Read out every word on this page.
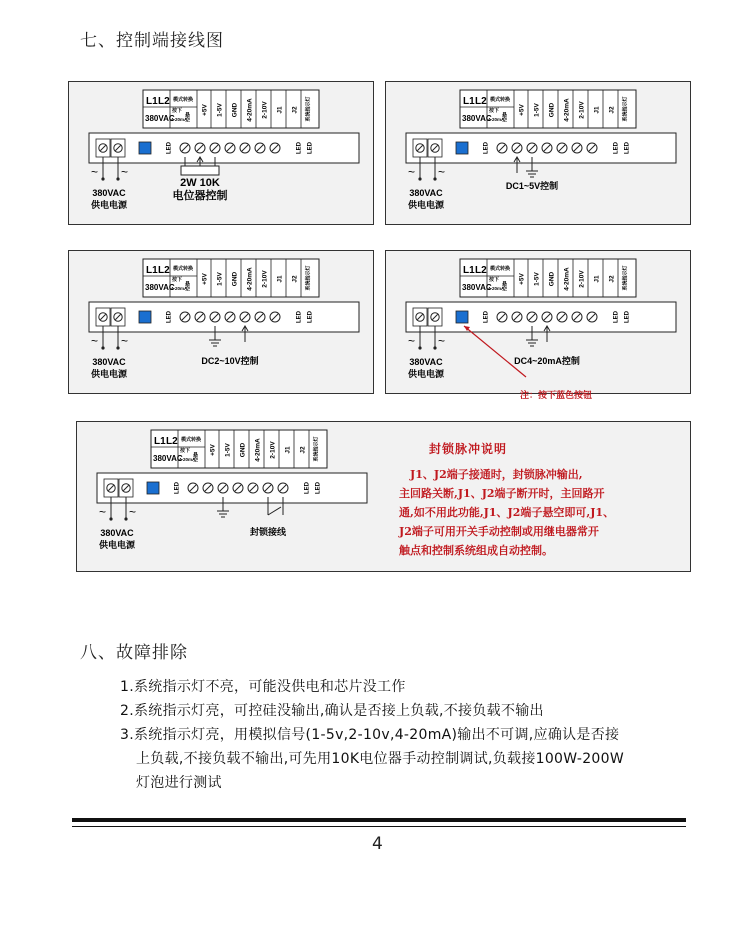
七、控制端接线图
L1 L2
380VAC
模式转换
按下
4-20mA
悬空
+5V 1-5V GND 4-20mA 2-10V J1 J2 系统指示灯
LED	LED LED
~ ~
380VAC
供电电源
2W 10K
电位器控制
L1 L2
380VAC
模式转换
按下
4-20mA
悬空
+5V 1-5V GND 4-20mA 2-10V J1 J2 系统指示灯
LED	LED LED
~ ~
380VAC
供电电源
DC1~5V控制
L1 L2
380VAC
模式转换
按下
4-20mA
悬空
+5V 1-5V GND 4-20mA 2-10V J1 J2 系统指示灯
LED	LED LED
~ ~
380VAC
供电电源
DC2~10V控制
L1 L2
380VAC
模式转换
按下
4-20mA
悬空
+5V 1-5V GND 4-20mA 2-10V J1 J2 系统指示灯
LED	LED LED
~ ~
380VAC
供电电源
DC4~20mA控制
注：按下蓝色按钮
封锁脉冲说明
J1、J2端子接通时，封锁脉冲输出,
主回路关断,J1、J2端子断开时，主回路开
通,如不用此功能,J1、J2端子悬空即可,J1、
J2端子可用开关手动控制或用继电器常开
触点和控制系统组成自动控制。
L1 L2
380VAC
模式转换
按下
4-20mA
悬空
+5V 1-5V GND 4-20mA 2-10V J1 J2 系统指示灯
LED	LED LED
~ ~
380VAC
供电电源
封锁接线
八、故障排除
1.系统指示灯不亮，可能没供电和芯片没工作
2.系统指示灯亮，可控硅没输出,确认是否接上负载,不接负载不输出
3.系统指示灯亮，用模拟信号(1-5v,2-10v,4-20mA)输出不可调,应确认是否接
上负载,不接负载不输出,可先用10K电位器手动控制调试,负载接100W-200W
灯泡进行测试
4
